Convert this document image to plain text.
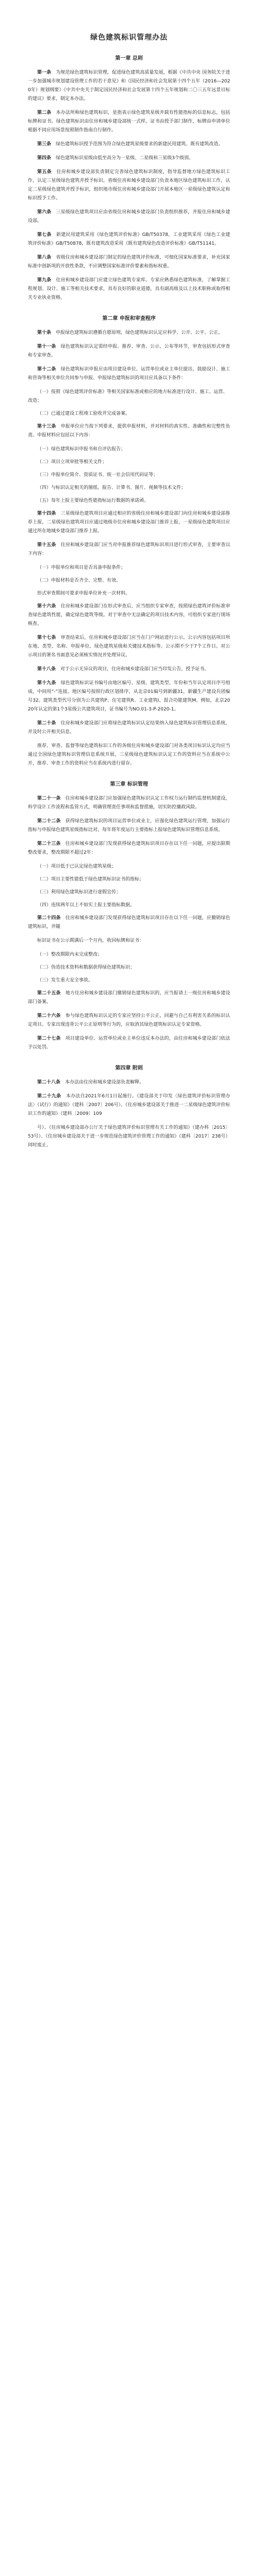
绿色建筑标识管理办法
第一章 总则

第一条　 为规范绿色建筑标识管理，促进绿色建筑高质量发展，根据《中共中央 国务院关于进一步加强城市规划建设管理工作的若干意见》和《国民经济和社会发展第十四个五年（2016—2020年）规划纲要》《中共中央关于制定国民经济和社会发展第十四个五年规划和二〇三五年远景目标的建议》要求，制定本办法。

第二条　 本办法所称绿色建筑标识，是指表示绿色建筑星级并载有性能指标的信息标志，包括标牌和证书。绿色建筑标识由住房和城乡建设部统一式样，证书由授予部门制作，标牌由申请单位根据不同应用场景按照制作指南自行制作。

第三条　 绿色建筑标识授予范围为符合绿色建筑星级要求的新建民用建筑、既有建筑改造。

第四条　 绿色建筑标识星级由低至高分为一星级、二星级和三星级3个级别。

第五条　 住房和城乡建设部负责制定完善绿色建筑标识制度，指导监督地方绿色建筑标识工作，认定三星级绿色建筑并授予标识。省级住房和城乡建设部门负责本地区绿色建筑标识工作，认定二星级绿色建筑并授予标识，组织地市级住房和城乡建设部门开展本地区一星级绿色建筑认定和标识授予工作。

第六条　 三星级绿色建筑项目应由省级住房和城乡建设部门负责组织推荐，并报住房和城乡建设部。

第七条　 新建民用建筑采用《绿色建筑评价标准》GB/T50378，工业建筑采用《绿色工业建筑评价标准》GB/T50878，既有建筑改造采用《既有建筑绿色改造评价标准》GB/T51141。

第八条　 省级住房和城乡建设部门制定的绿色建筑评价标准，可细化国家标准要求，补充国家标准中创新项的开放性条款，不应调整国家标准评价要素和指标权重。

第九条　 住房和城乡建设部门应建立绿色建筑专家库。专家应熟悉绿色建筑标准，了解掌握工程规划、设计、施工等相关技术要求，具有良好的职业道德，具有副高级及以上技术职称或取得相关专业执业资格。

第二章 申报和审查程序

第十条　 申报绿色建筑标识遵循自愿原则，绿色建筑标识认定应科学、公开、公平、公正。

第十一条　 绿色建筑标识认定需经申报、推荐、审查、公示、公布等环节，审查包括形式审查和专家审查。

第十二条　 绿色建筑标识申报应由项目建设单位、运营单位或业主单位提出，鼓励设计、施工和咨询等相关单位共同参与申报。申报绿色建筑标识的项目应具备以下条件：

（一）按照《绿色建筑评价标准》等相关国家标准或相应的地方标准进行设计、施工、运营、改造；

（二）已通过建设工程竣工验收并完成备案。

第十三条　 申报单位应当按下列要求，提供申报材料，并对材料的真实性、准确性和完整性负责。申报材料应包括以下内容：

（一）绿色建筑标识申报书和自评估报告；

（二）项目立项审批等相关文件；

（三）申报单位简介、资质证书、统一社会信用代码证等；

（四）与标识认定相关的图纸、报告、计算书、图片、视频等技术文件；

（五）每年上报主要绿色性能指标运行数据的承诺函。

第十四条　 三星级绿色建筑项目应通过相应的省级住房和城乡建设部门向住房和城乡建设部推荐上报，二星级绿色建筑项目应通过地级市住房和城乡建设部门推荐上报，一星级绿色建筑项目应通过所在地城乡建设部门推荐上报。

第十五条　 住房和城乡建设部门应当对申报推荐绿色建筑标识项目进行形式审查，主要审查以下内容：

（一）申报单位和项目是否具备申报条件；

（二）申报材料是否齐全、完整、有效。

形式审查期间可要求申报单位补充一次材料。

第十六条　 住房和城乡建设部门在形式审查后，应当组织专家审查，按照绿色建筑评价标准审查绿色建筑性能，确定绿色建筑等级。对于审查中无法确定的项目技术内容，可组织专家进行现场核查。

第十七条　 审查结束后，住房和城乡建设部门应当在门户网站进行公示。公示内容包括项目所在地、类型、名称、申报单位、绿色建筑星级和关键技术指标等。公示期不少于7个工作日。对公示项目的署名书面意见必须核实情况并处理异议。

第十八条　 对于公示无异议的项目，住房和城乡建设部门应当印发公告，授予证书。

第十九条　 绿色建筑标识证书编号由地区编号、星级、建筑类型、年份和当年认定项目序号组成，中间用“-”连接。地区编号按照行政区划排序，从北京01编号到新疆31，新疆生产建设兵团编号32。建筑类型代号分别为公共建筑P、住宅建筑R、工业建筑I、混合功能建筑M。例如，北京2020年认定的第1个3星级公共建筑项目，证书编号为NO.01-3-P-2020-1。

第二十条　 住房和城乡建设部门应将绿色建筑标识认定结果纳入绿色建筑标识管理信息系统，并及时公开相关信息。

推荐、审查、监督等绿色建筑标识工作的各级住房和城乡建设部门对各类项目标识认定均应当通过全国绿色建筑标识管理信息系统开展，三星级绿色建筑标识认定工作的资料应当在系统中公开，推荐、审查工作的资料应当在系统内进行留存。

第三章 标识管理

第二十一条　 住房和城乡建设部门应加强绿色建筑标识认定工作权力运行制约监督机制建设，科学设计工作流程和监管方式，明确管理责任事项和监督措施，切实防控廉政风险。

第二十二条　 获得绿色建筑标识的项目运营单位或业主，应强化绿色建筑运行管理，加强运行指标与申报绿色建筑星级指标比对，每年将年度运行主要指标上报绿色建筑标识管理信息系统。

第二十三条　 住房和城乡建设部门发现获得绿色建筑标识项目存在以下任一问题，应提出限期整改要求，整改期限不超过2年：

（一）项目低于已认定绿色建筑星级；

（二）项目主要性能低于绿色建筑标识证书的指标；

（三）利用绿色建筑标识进行虚假宣传；

（四）连续两年以上不如实上报主要指标数据。

第二十四条　 住房和城乡建设部门发现获得绿色建筑标识项目存在以下任一问题，应撤销绿色建筑标识，并随

标识证书在公示期满后一个月内，收回标牌和证书：

（一）整改期限内未完成整改；

（二）伪造技术资料和数据获得绿色建筑标识；

（三）发生重大安全事故。

第二十五条　 地方住房和城乡建设部门撤销绿色建筑标识的，应当报请上一级住房和城乡建设部门备案。

第二十六条　 参与绿色建筑标识认定的专家应坚持公平公正，回避与自己有利害关系的标识认定项目。专家出现违背公平公正原则等行为的，应取消其绿色建筑标识认定专家资格。

第二十七条　 项目建设单位、运营单位或业主单位违反本办法的，由住房和城乡建设部门依法予以处罚。

第四章 附则

第二十八条　 本办法由住房和城乡建设部负责解释。

第二十九条　 本办法自2021年6月1日起施行。《建设部关于印发〈绿色建筑评价标识管理办法〉（试行）的通知》（建科〔2007〕206号）、《住房城乡建设部关于推进一二星级绿色建筑评价标识工作的通知》（建科〔2009〕109

号）、《住房城乡建设部办公厅关于绿色建筑评价标识管理有关工作的通知》（建办科〔2015〕53号）、《住房城乡建设部关于进一步规范绿色建筑评价管理工作的通知》（建科〔2017〕238号）同时废止。
